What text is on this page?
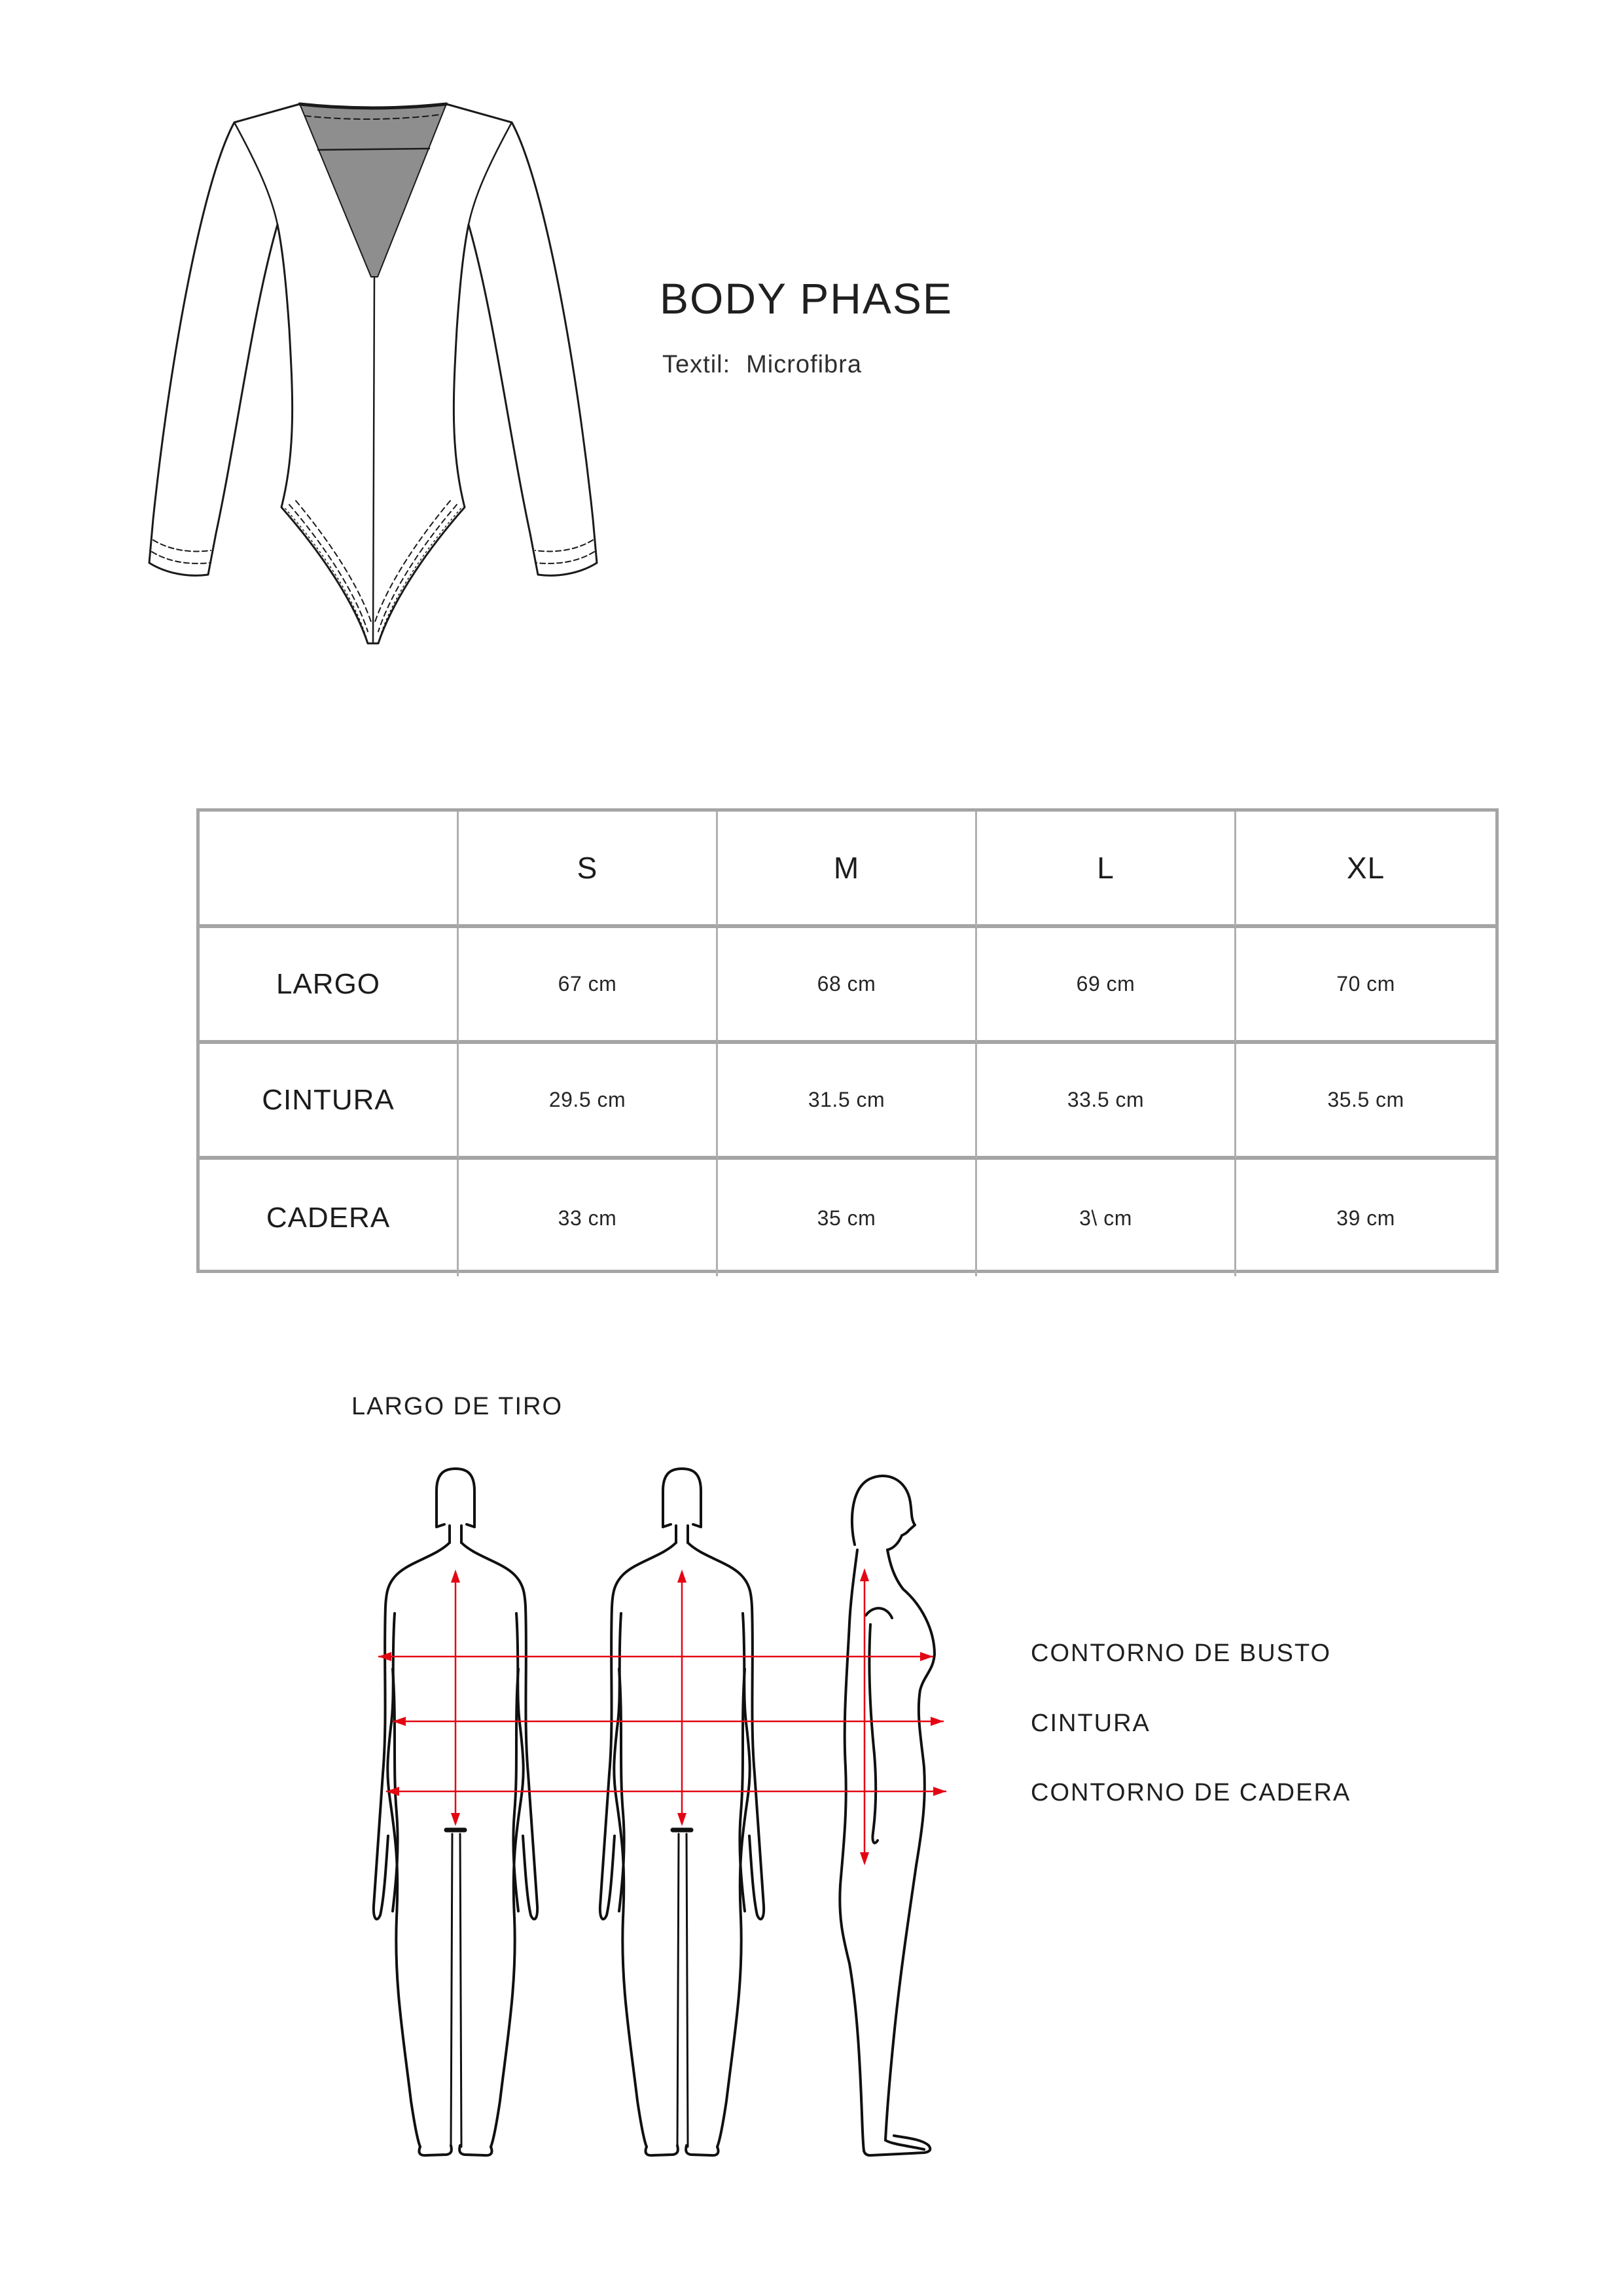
BODY PHASE
Textil: Microfibra
S	M	L	XL
LARGO	67 cm	68 cm	69 cm	70 cm
CINTURA	29.5 cm	31.5 cm	33.5 cm	35.5 cm
CADERA	33 cm	35 cm	3\ cm	39 cm
LARGO DE TIRO
CONTORNO DE BUSTO
CINTURA
CONTORNO DE CADERA
